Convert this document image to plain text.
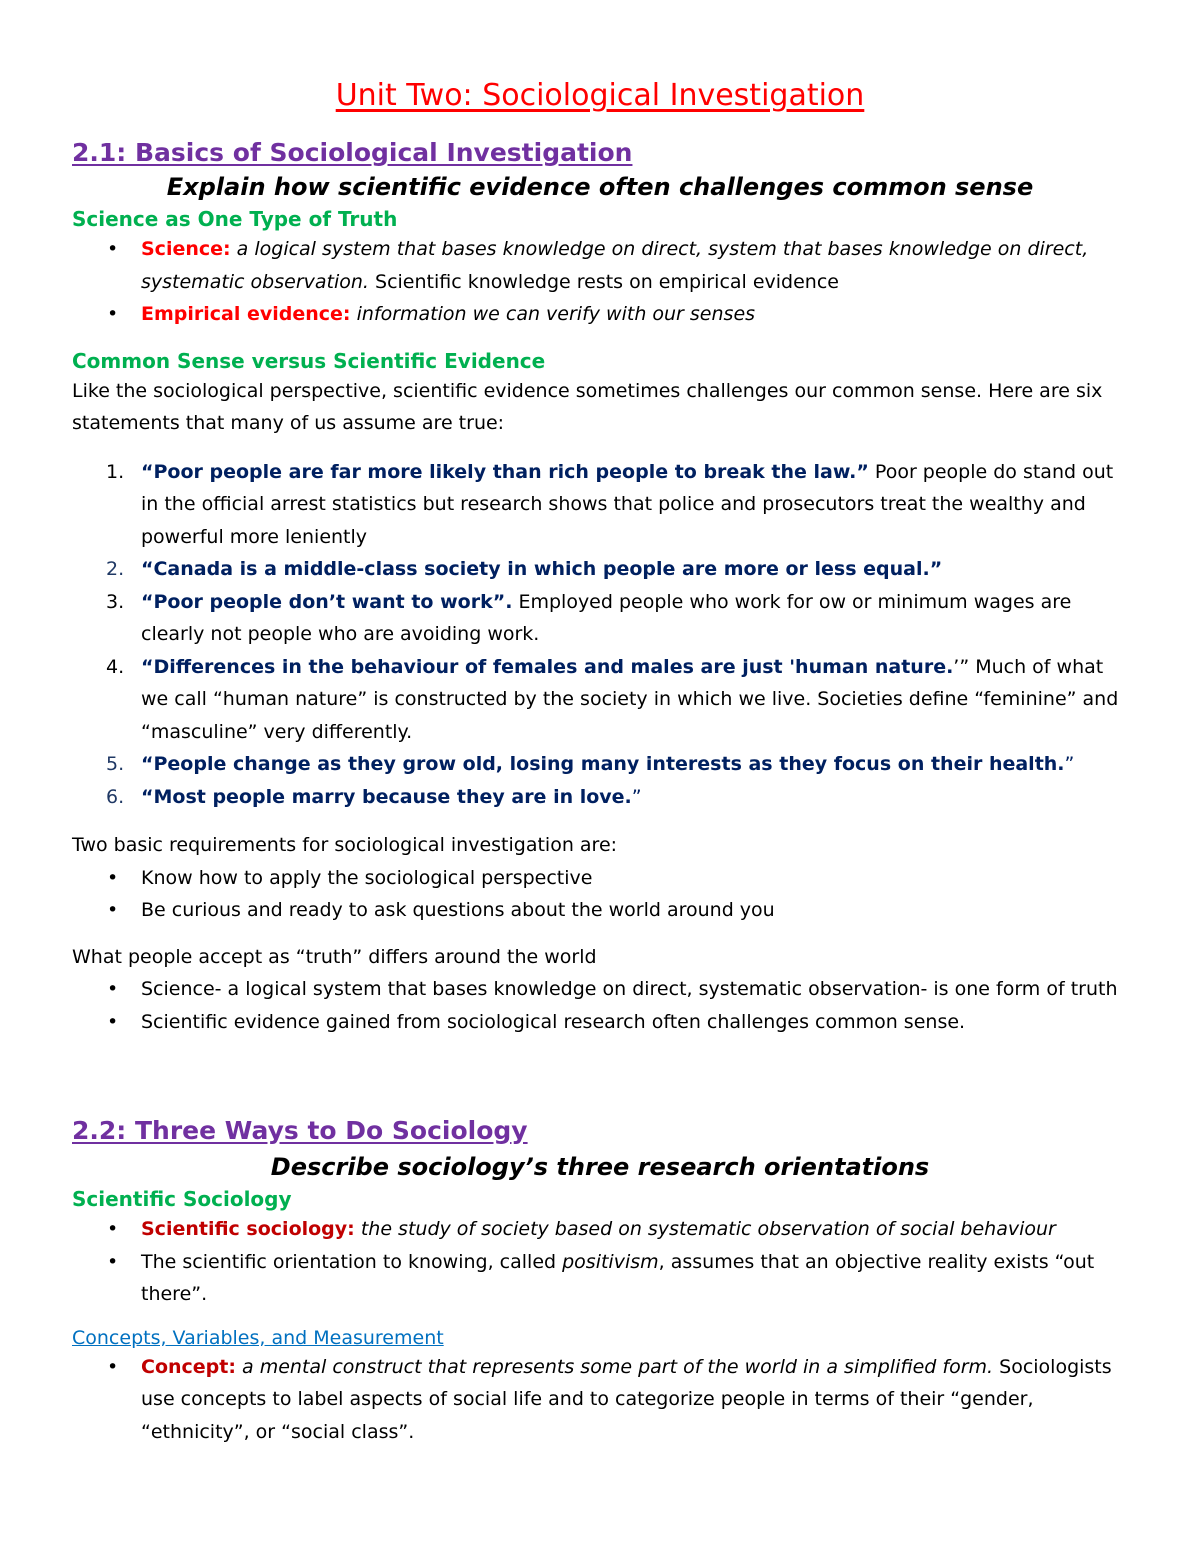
Unit Two: Sociological Investigation
2.1: Basics of Sociological Investigation
Explain how scientific evidence often challenges common sense
Science as One Type of Truth
• Science: a logical system that bases knowledge on direct, system that bases knowledge on direct, systematic observation. Scientific knowledge rests on empirical evidence
• Empirical evidence: information we can verify with our senses
Common Sense versus Scientific Evidence

Like the sociological perspective, scientific evidence sometimes challenges our common sense. Here are six statements that many of us assume are true:

1. “Poor people are far more likely than rich people to break the law.” Poor people do stand out in the official arrest statistics but research shows that police and prosecutors treat the wealthy and powerful more leniently
2. “Canada is a middle-class society in which people are more or less equal.”
3. “Poor people don’t want to work”. Employed people who work for ow or minimum wages are clearly not people who are avoiding work.
4. “Differences in the behaviour of females and males are just 'human nature.’” Much of what we call “human nature” is constructed by the society in which we live. Societies define “feminine” and “masculine” very differently.
5. “People change as they grow old, losing many interests as they focus on their health.”
6. “Most people marry because they are in love.”

Two basic requirements for sociological investigation are:

• Know how to apply the sociological perspective
• Be curious and ready to ask questions about the world around you

What people accept as “truth” differs around the world

• Science- a logical system that bases knowledge on direct, systematic observation- is one form of truth
• Scientific evidence gained from sociological research often challenges common sense.
2.2: Three Ways to Do Sociology
Describe sociology’s three research orientations
Scientific Sociology
• Scientific sociology: the study of society based on systematic observation of social behaviour
• The scientific orientation to knowing, called positivism, assumes that an objective reality exists “out there”.
Concepts, Variables, and Measurement
• Concept: a mental construct that represents some part of the world in a simplified form. Sociologists use concepts to label aspects of social life and to categorize people in terms of their “gender, “ethnicity”, or “social class”.
